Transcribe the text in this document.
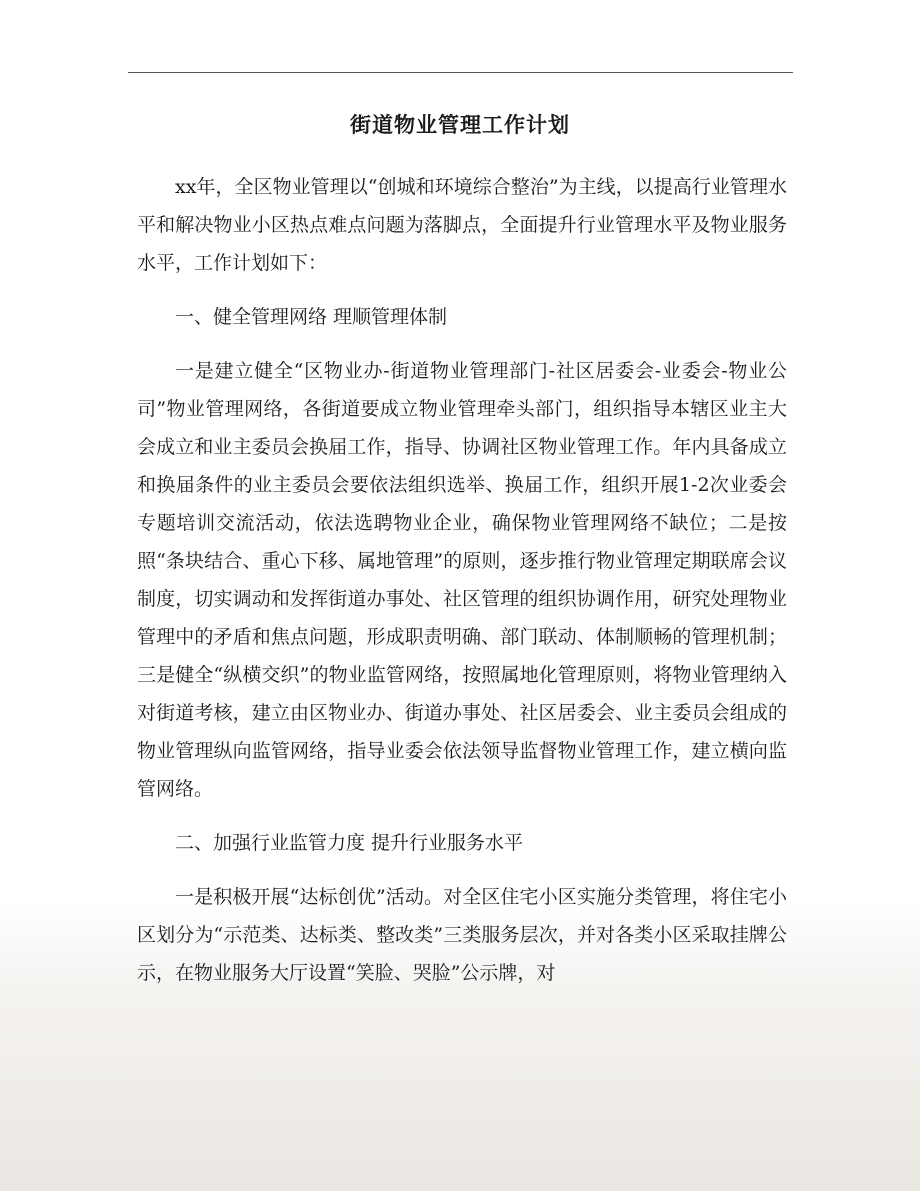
街道物业管理工作计划

xx年，全区物业管理以“创城和环境综合整治”为主线，以提高行业管理水平和解决物业小区热点难点问题为落脚点，全面提升行业管理水平及物业服务水平，工作计划如下：

一、健全管理网络 理顺管理体制

一是建立健全“区物业办-街道物业管理部门-社区居委会-业委会-物业公司”物业管理网络，各街道要成立物业管理牵头部门，组织指导本辖区业主大会成立和业主委员会换届工作，指导、协调社区物业管理工作。年内具备成立和换届条件的业主委员会要依法组织选举、换届工作，组织开展1-2次业委会专题培训交流活动，依法选聘物业企业，确保物业管理网络不缺位；二是按照“条块结合、重心下移、属地管理”的原则，逐步推行物业管理定期联席会议制度，切实调动和发挥街道办事处、社区管理的组织协调作用，研究处理物业管理中的矛盾和焦点问题，形成职责明确、部门联动、体制顺畅的管理机制；三是健全“纵横交织”的物业监管网络，按照属地化管理原则，将物业管理纳入对街道考核，建立由区物业办、街道办事处、社区居委会、业主委员会组成的物业管理纵向监管网络，指导业委会依法领导监督物业管理工作，建立横向监管网络。

二、加强行业监管力度 提升行业服务水平

一是积极开展“达标创优”活动。对全区住宅小区实施分类管理，将住宅小区划分为“示范类、达标类、整改类”三类服务层次，并对各类小区采取挂牌公示，在物业服务大厅设置“笑脸、哭脸”公示牌，对
